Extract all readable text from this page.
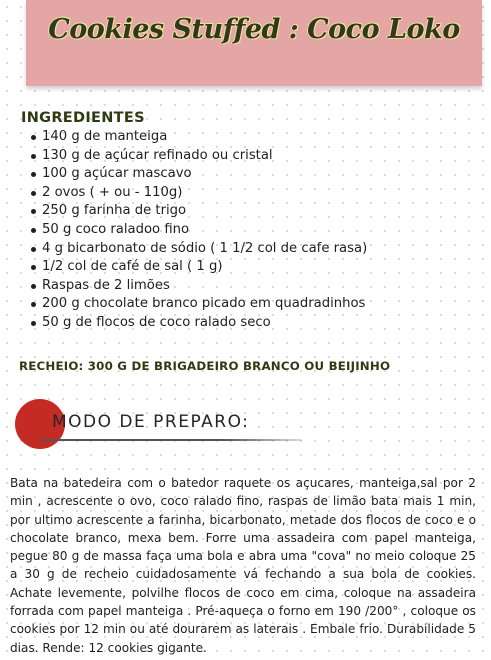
Cookies Stuffed : Coco Loko
INGREDIENTES
140 g de manteiga
130 g de açúcar refinado ou cristal
100 g açúcar mascavo
2 ovos ( + ou - 110g)
250 g farinha de trigo
50 g coco raladoo fino
4 g bicarbonato de sódio ( 1 1/2 col de cafe rasa)
1/2 col de café de sal ( 1 g)
Raspas de 2 limões
200 g chocolate branco picado em quadradinhos
50 g de flocos de coco ralado seco
RECHEIO: 300 G DE BRIGADEIRO BRANCO OU BEIJINHO
MODO DE PREPARO:

Bata na batedeira com o batedor raquete os açucares, manteiga,sal por 2 min , acrescente o ovo, coco ralado fino, raspas de limão bata mais 1 min, por ultimo acrescente a farinha, bicarbonato, metade dos flocos de coco e o chocolate branco, mexa bem. Forre uma assadeira com papel manteiga, pegue 80 g de massa faça uma bola e abra uma "cova" no meio coloque 25 a 30 g de recheio cuidadosamente vá fechando a sua bola de cookies. Achate levemente, polvilhe flocos de coco em cima, coloque na assadeira forrada com papel manteiga . Pré-aqueça o forno em 190 /200° , coloque os cookies por 12 min ou até dourarem as laterais . Embale frio. Durabilidade 5 dias. Rende: 12 cookies gigante.
